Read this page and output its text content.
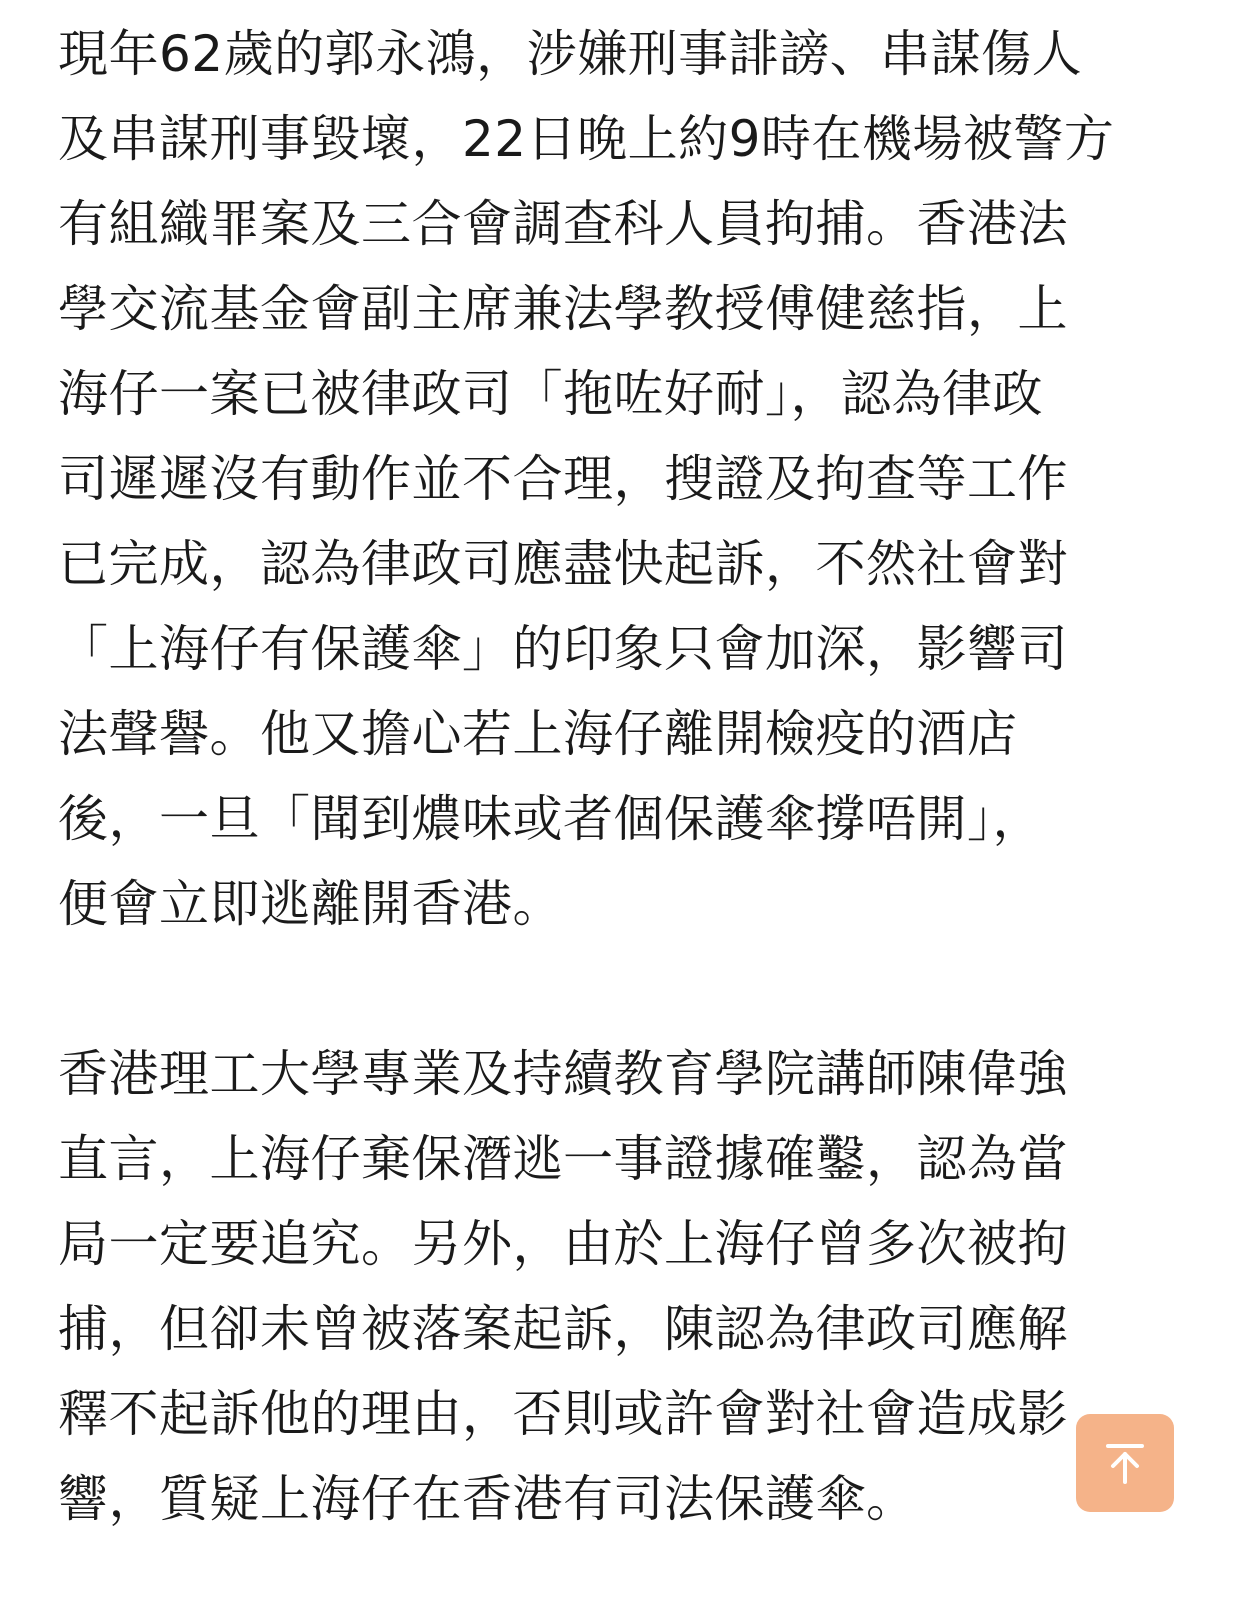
現年62歲的郭永鴻，涉嫌刑事誹謗、串謀傷人
及串謀刑事毀壞，22日晚上約9時在機場被警方
有組織罪案及三合會調查科人員拘捕。香港法
學交流基金會副主席兼法學教授傅健慈指，上
海仔一案已被律政司「拖咗好耐」，認為律政
司遲遲沒有動作並不合理，搜證及拘查等工作
已完成，認為律政司應盡快起訴，不然社會對
「上海仔有保護傘」的印象只會加深，影響司
法聲譽。他又擔心若上海仔離開檢疫的酒店
後，一旦「聞到燶味或者個保護傘撐唔開」，
便會立即逃離開香港。

香港理工大學專業及持續教育學院講師陳偉強
直言，上海仔棄保潛逃一事證據確鑿，認為當
局一定要追究。另外，由於上海仔曾多次被拘
捕，但卻未曾被落案起訴，陳認為律政司應解
釋不起訴他的理由，否則或許會對社會造成影
響，質疑上海仔在香港有司法保護傘。
